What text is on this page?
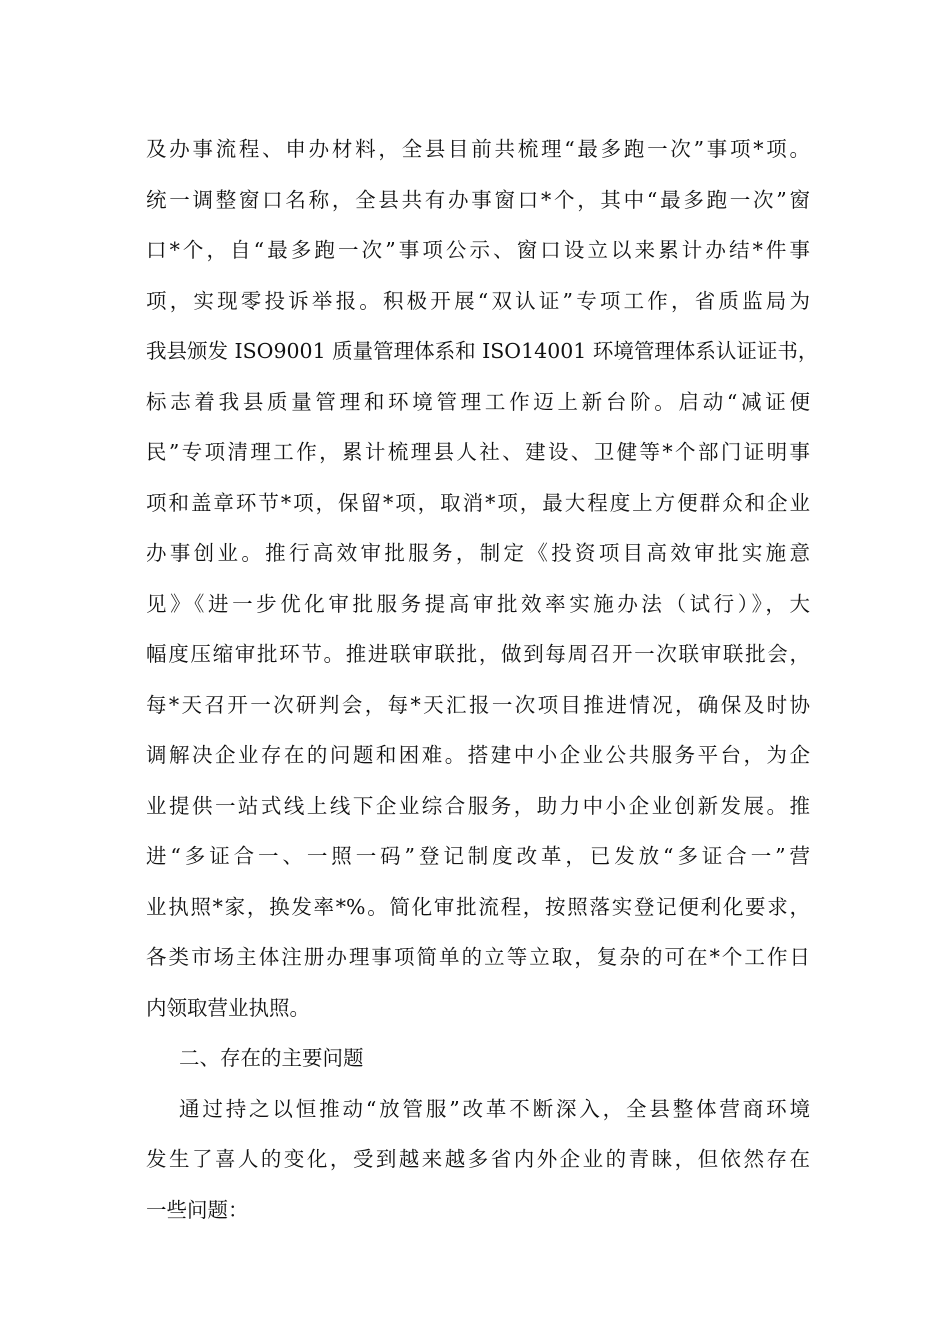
及办事流程、申办材料，全县目前共梳理“最多跑一次”事项*项。
统一调整窗口名称，全县共有办事窗口*个，其中“最多跑一次”窗
口*个，自“最多跑一次”事项公示、窗口设立以来累计办结*件事
项，实现零投诉举报。积极开展“双认证”专项工作，省质监局为
我县颁发 ISO9001 质量管理体系和 ISO14001 环境管理体系认证证书，
标志着我县质量管理和环境管理工作迈上新台阶。启动“减证便
民”专项清理工作，累计梳理县人社、建设、卫健等*个部门证明事
项和盖章环节*项，保留*项，取消*项，最大程度上方便群众和企业
办事创业。推行高效审批服务，制定《投资项目高效审批实施意
见》《进一步优化审批服务提高审批效率实施办法（试行）》，大
幅度压缩审批环节。推进联审联批，做到每周召开一次联审联批会，
每*天召开一次研判会，每*天汇报一次项目推进情况，确保及时协
调解决企业存在的问题和困难。搭建中小企业公共服务平台，为企
业提供一站式线上线下企业综合服务，助力中小企业创新发展。推
进“多证合一、一照一码”登记制度改革，已发放“多证合一”营
业执照*家，换发率*%。简化审批流程，按照落实登记便利化要求，
各类市场主体注册办理事项简单的立等立取，复杂的可在*个工作日
内领取营业执照。
二、存在的主要问题
通过持之以恒推动“放管服”改革不断深入，全县整体营商环境
发生了喜人的变化，受到越来越多省内外企业的青睐，但依然存在
一些问题：
